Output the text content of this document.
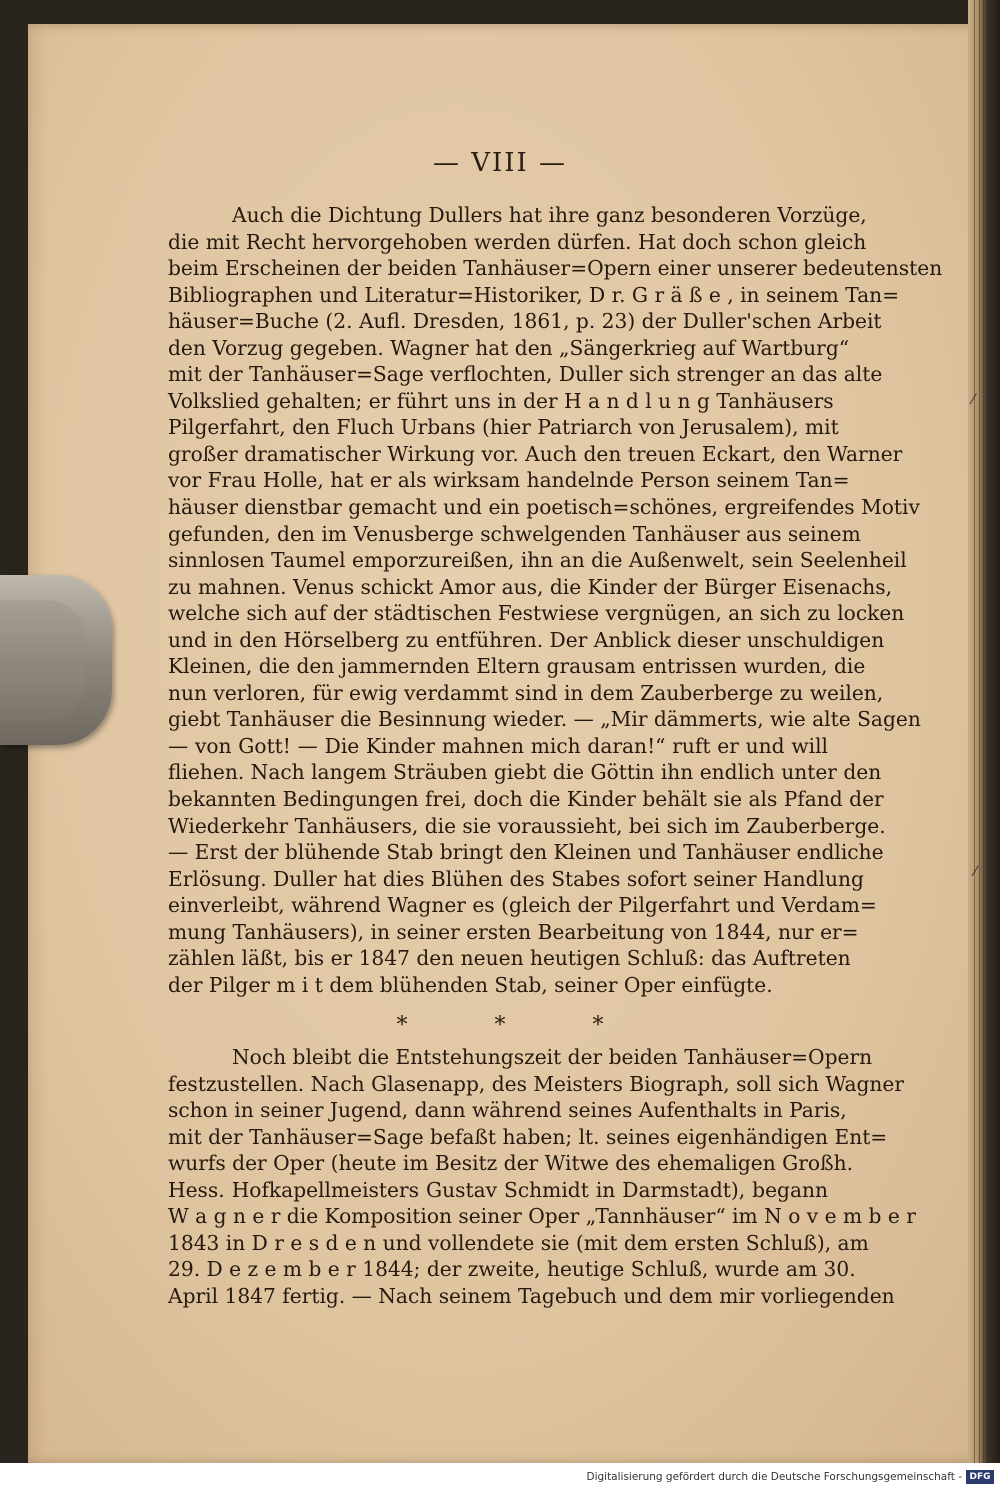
— VIII —
Auch die Dichtung Dullers hat ihre ganz besonderen Vorzüge,
die mit Recht hervorgehoben werden dürfen. Hat doch schon gleich
beim Erscheinen der beiden Tanhäuser=Opern einer unserer bedeutensten
Bibliographen und Literatur=Historiker, D r. G r ä ß e , in seinem Tan=
häuser=Buche (2. Aufl. Dresden, 1861, p. 23) der Duller'schen Arbeit
den Vorzug gegeben. Wagner hat den „Sängerkrieg auf Wartburg“
mit der Tanhäuser=Sage verflochten, Duller sich strenger an das alte
Volkslied gehalten; er führt uns in der H a n d l u n g Tanhäusers
Pilgerfahrt, den Fluch Urbans (hier Patriarch von Jerusalem), mit
großer dramatischer Wirkung vor. Auch den treuen Eckart, den Warner
vor Frau Holle, hat er als wirksam handelnde Person seinem Tan=
häuser dienstbar gemacht und ein poetisch=schönes, ergreifendes Motiv
gefunden, den im Venusberge schwelgenden Tanhäuser aus seinem
sinnlosen Taumel emporzureißen, ihn an die Außenwelt, sein Seelenheil
zu mahnen. Venus schickt Amor aus, die Kinder der Bürger Eisenachs,
welche sich auf der städtischen Festwiese vergnügen, an sich zu locken
und in den Hörselberg zu entführen. Der Anblick dieser unschuldigen
Kleinen, die den jammernden Eltern grausam entrissen wurden, die
nun verloren, für ewig verdammt sind in dem Zauberberge zu weilen,
giebt Tanhäuser die Besinnung wieder. — „Mir dämmerts, wie alte Sagen
— von Gott! — Die Kinder mahnen mich daran!“ ruft er und will
fliehen. Nach langem Sträuben giebt die Göttin ihn endlich unter den
bekannten Bedingungen frei, doch die Kinder behält sie als Pfand der
Wiederkehr Tanhäusers, die sie voraussieht, bei sich im Zauberberge.
— Erst der blühende Stab bringt den Kleinen und Tanhäuser endliche
Erlösung. Duller hat dies Blühen des Stabes sofort seiner Handlung
einverleibt, während Wagner es (gleich der Pilgerfahrt und Verdam=
mung Tanhäusers), in seiner ersten Bearbeitung von 1844, nur er=
zählen läßt, bis er 1847 den neuen heutigen Schluß: das Auftreten
der Pilger m i t dem blühenden Stab, seiner Oper einfügte.
* * *
Noch bleibt die Entstehungszeit der beiden Tanhäuser=Opern
festzustellen. Nach Glasenapp, des Meisters Biograph, soll sich Wagner
schon in seiner Jugend, dann während seines Aufenthalts in Paris,
mit der Tanhäuser=Sage befaßt haben; lt. seines eigenhändigen Ent=
wurfs der Oper (heute im Besitz der Witwe des ehemaligen Großh.
Hess. Hofkapellmeisters Gustav Schmidt in Darmstadt), begann
W a g n e r die Komposition seiner Oper „Tannhäuser“ im N o v e m b e r
1843 in D r e s d e n und vollendete sie (mit dem ersten Schluß), am
29. D e z e m b e r 1844; der zweite, heutige Schluß, wurde am 30.
April 1847 fertig. — Nach seinem Tagebuch und dem mir vorliegenden
⁄
⁄
Digitalisierung gefördert durch die Deutsche Forschungsgemeinschaft - DFG
